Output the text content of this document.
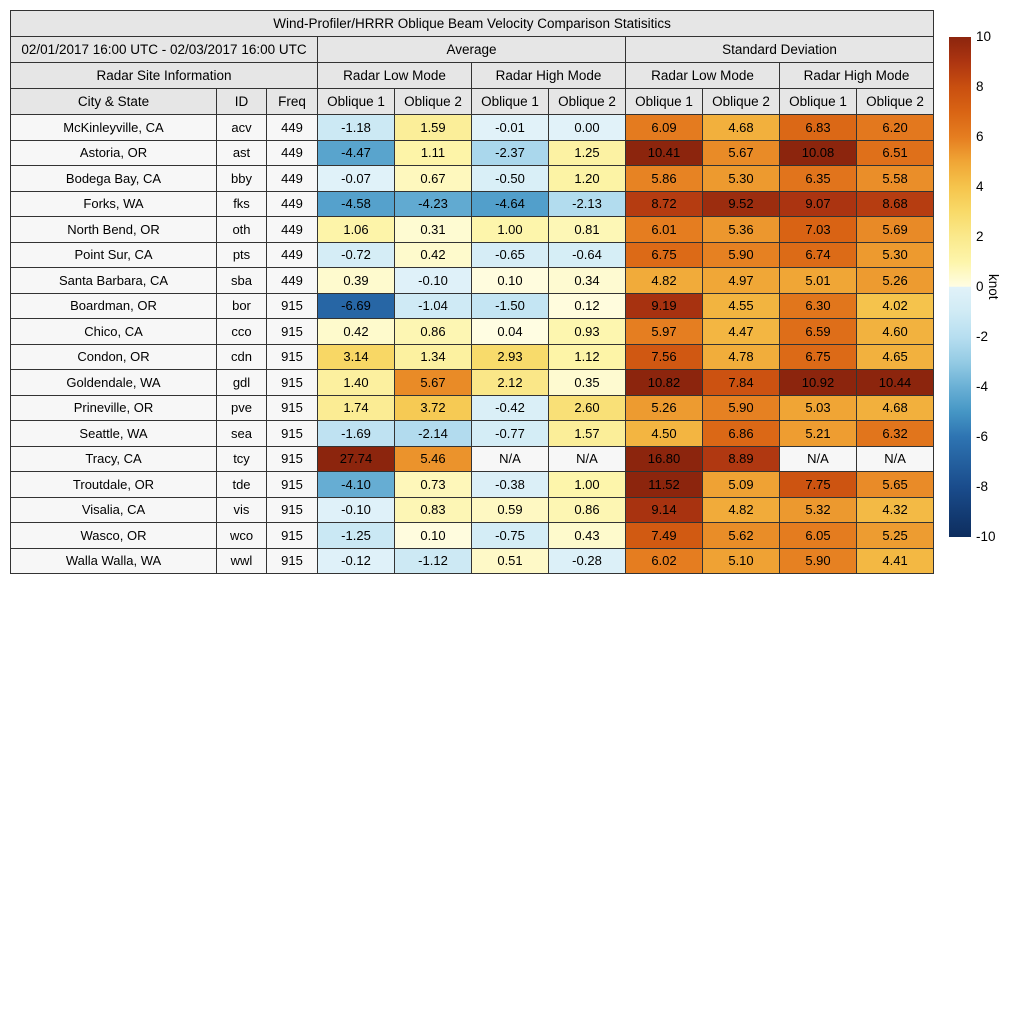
Wind-Profiler/HRRR Oblique Beam Velocity Comparison Statisitics										
02/01/2017 16:00 UTC - 02/03/2017 16:00 UTC			Average				Standard Deviation			
Radar Site Information			Radar Low Mode		Radar High Mode		Radar Low Mode		Radar High Mode	
City & State	ID	Freq	Oblique 1	Oblique 2	Oblique 1	Oblique 2	Oblique 1	Oblique 2	Oblique 1	Oblique 2
McKinleyville, CA	acv	449	-1.18	1.59	-0.01	0.00	6.09	4.68	6.83	6.20
Astoria, OR	ast	449	-4.47	1.11	-2.37	1.25	10.41	5.67	10.08	6.51
Bodega Bay, CA	bby	449	-0.07	0.67	-0.50	1.20	5.86	5.30	6.35	5.58
Forks, WA	fks	449	-4.58	-4.23	-4.64	-2.13	8.72	9.52	9.07	8.68
North Bend, OR	oth	449	1.06	0.31	1.00	0.81	6.01	5.36	7.03	5.69
Point Sur, CA	pts	449	-0.72	0.42	-0.65	-0.64	6.75	5.90	6.74	5.30
Santa Barbara, CA	sba	449	0.39	-0.10	0.10	0.34	4.82	4.97	5.01	5.26
Boardman, OR	bor	915	-6.69	-1.04	-1.50	0.12	9.19	4.55	6.30	4.02
Chico, CA	cco	915	0.42	0.86	0.04	0.93	5.97	4.47	6.59	4.60
Condon, OR	cdn	915	3.14	1.34	2.93	1.12	7.56	4.78	6.75	4.65
Goldendale, WA	gdl	915	1.40	5.67	2.12	0.35	10.82	7.84	10.92	10.44
Prineville, OR	pve	915	1.74	3.72	-0.42	2.60	5.26	5.90	5.03	4.68
Seattle, WA	sea	915	-1.69	-2.14	-0.77	1.57	4.50	6.86	5.21	6.32
Tracy, CA	tcy	915	27.74	5.46	N/A	N/A	16.80	8.89	N/A	N/A
Troutdale, OR	tde	915	-4.10	0.73	-0.38	1.00	11.52	5.09	7.75	5.65
Visalia, CA	vis	915	-0.10	0.83	0.59	0.86	9.14	4.82	5.32	4.32
Wasco, OR	wco	915	-1.25	0.10	-0.75	0.43	7.49	5.62	6.05	5.25
Walla Walla, WA	wwl	915	-0.12	-1.12	0.51	-0.28	6.02	5.10	5.90	4.41
10
8
6
4
2
0
-2
-4
-6
-8
-10
knot
